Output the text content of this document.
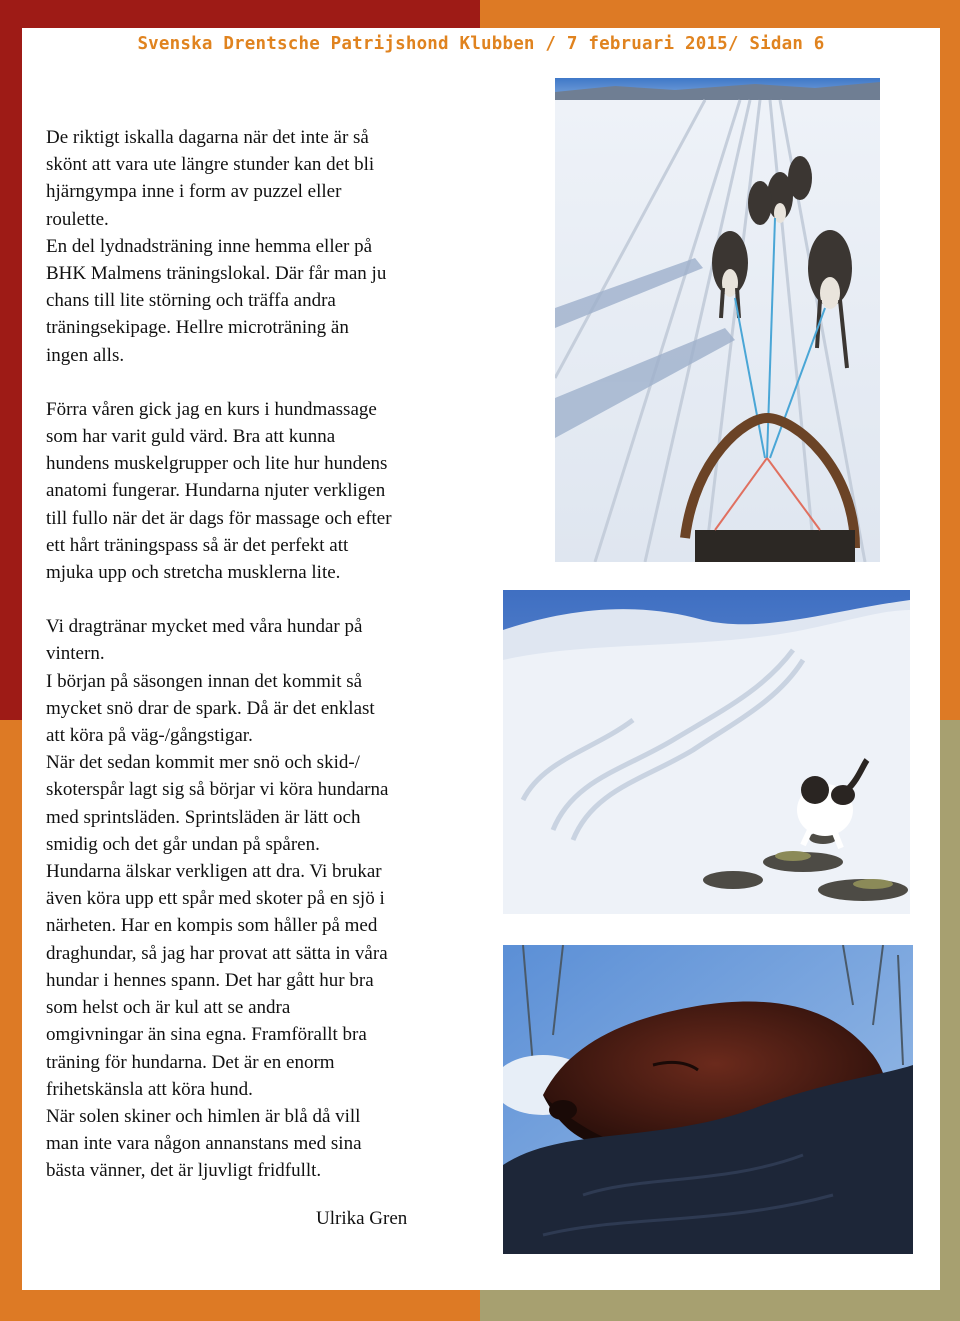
Svenska Drentsche Patrijshond Klubben / 7 februari 2015/ Sidan 6

De riktigt iskalla dagarna när det inte är så
skönt att vara ute längre stunder kan det bli
hjärngympa inne i form av puzzel eller
roulette.
En del lydnadsträning inne hemma eller på
BHK Malmens träningslokal. Där får man ju
chans till lite störning och träffa andra
träningsekipage. Hellre microträning än
ingen alls.

Förra våren gick jag en kurs i hundmassage
som har varit guld värd. Bra att kunna
hundens muskelgrupper och lite hur hundens
anatomi fungerar. Hundarna njuter verkligen
till fullo när det är dags för massage och efter
ett hårt träningspass så är det perfekt att
mjuka upp och stretcha musklerna lite.

Vi dragtränar mycket med våra hundar på
vintern.
I början på säsongen innan det kommit så
mycket snö drar de spark. Då är det enklast
att köra på väg-/gångstigar.
När det sedan kommit mer snö och skid-/
skoterspår lagt sig så börjar vi köra hundarna
med sprintsläden. Sprintsläden är lätt och
smidig och det går undan på spåren.
Hundarna älskar verkligen att dra. Vi brukar
även köra upp ett spår med skoter på en sjö i
närheten. Har en kompis som håller på med
draghundar, så jag har provat att sätta in våra
hundar i hennes spann. Det har gått hur bra
som helst och är kul att se andra
omgivningar än sina egna. Framförallt bra
träning för hundarna. Det är en enorm
frihetskänsla att köra hund.
När solen skiner och himlen är blå då vill
man inte vara någon annanstans med sina
bästa vänner, det är ljuvligt fridfullt.

Ulrika Gren
